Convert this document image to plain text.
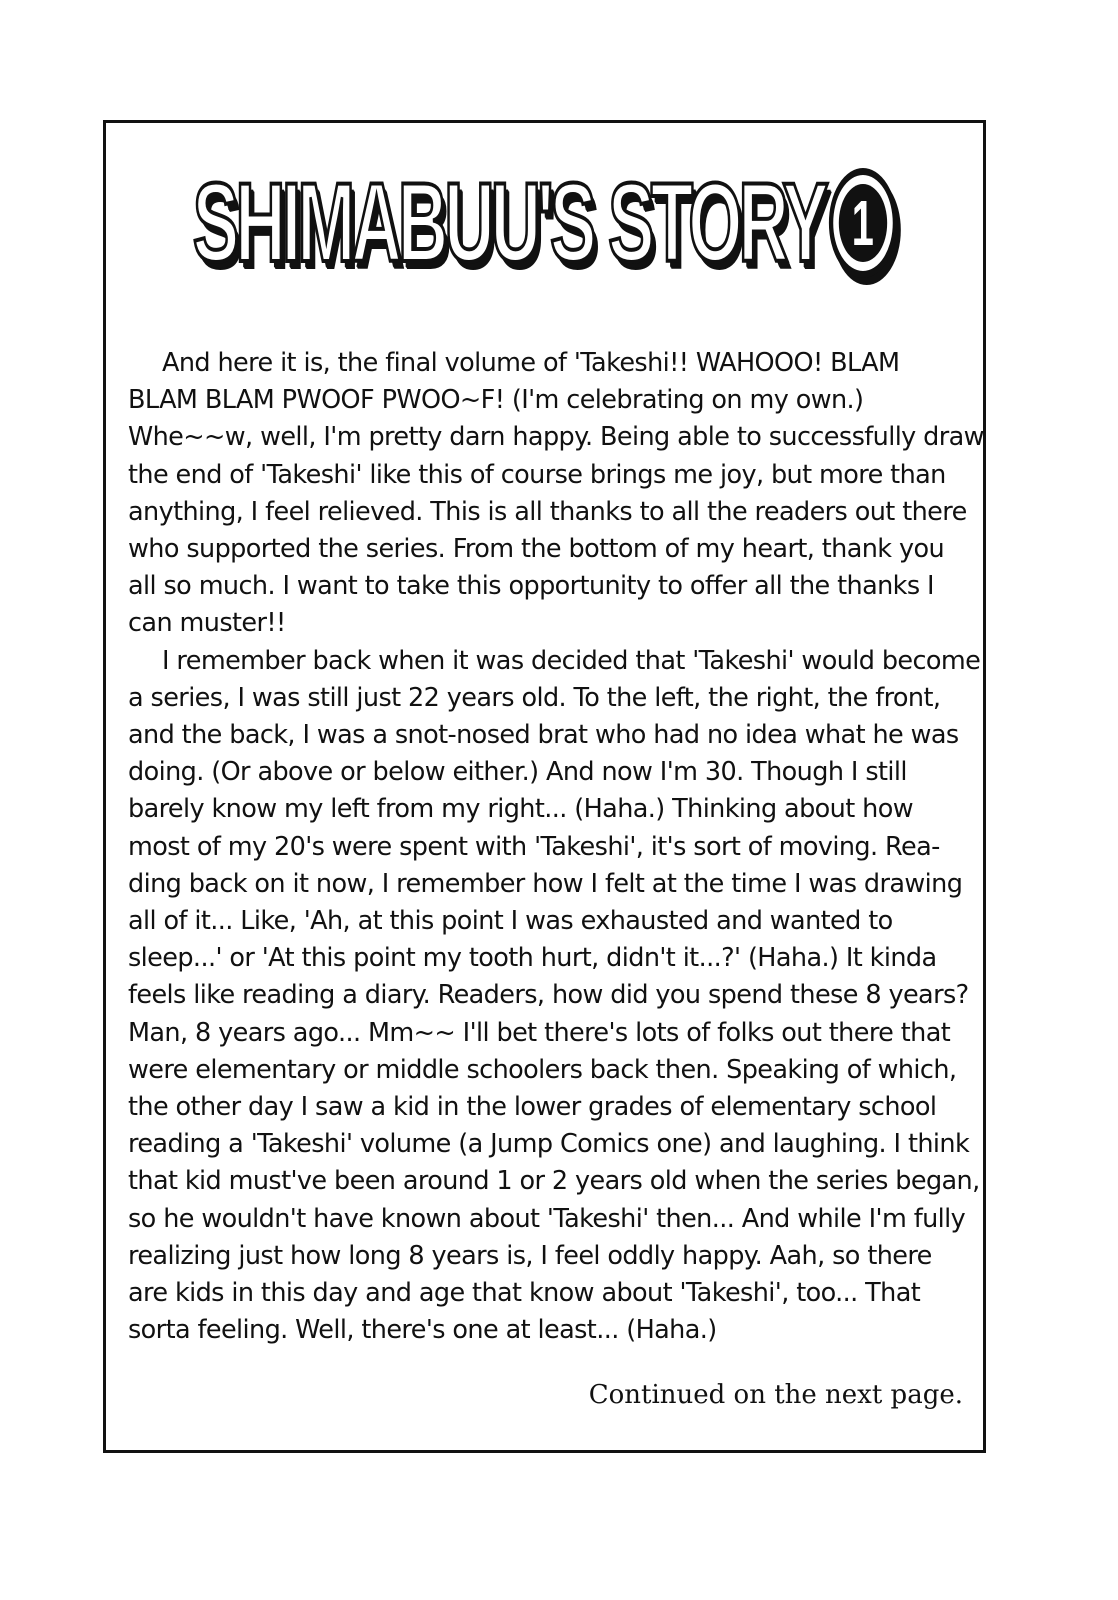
SHIMABUU'S STORY 1
And here it is, the final volume of 'Takeshi!! WAHOOO! BLAM
BLAM BLAM PWOOF PWOO~F! (I'm celebrating on my own.)
Whe~~w, well, I'm pretty darn happy. Being able to successfully draw
the end of 'Takeshi' like this of course brings me joy, but more than
anything, I feel relieved. This is all thanks to all the readers out there
who supported the series. From the bottom of my heart, thank you
all so much. I want to take this opportunity to offer all the thanks I
can muster!!
I remember back when it was decided that 'Takeshi' would become
a series, I was still just 22 years old. To the left, the right, the front,
and the back, I was a snot-nosed brat who had no idea what he was
doing. (Or above or below either.) And now I'm 30. Though I still
barely know my left from my right... (Haha.) Thinking about how
most of my 20's were spent with 'Takeshi', it's sort of moving. Rea-
ding back on it now, I remember how I felt at the time I was drawing
all of it... Like, 'Ah, at this point I was exhausted and wanted to
sleep...' or 'At this point my tooth hurt, didn't it...?' (Haha.) It kinda
feels like reading a diary. Readers, how did you spend these 8 years?
Man, 8 years ago... Mm~~ I'll bet there's lots of folks out there that
were elementary or middle schoolers back then. Speaking of which,
the other day I saw a kid in the lower grades of elementary school
reading a 'Takeshi' volume (a Jump Comics one) and laughing. I think
that kid must've been around 1 or 2 years old when the series began,
so he wouldn't have known about 'Takeshi' then... And while I'm fully
realizing just how long 8 years is, I feel oddly happy. Aah, so there
are kids in this day and age that know about 'Takeshi', too... That
sorta feeling. Well, there's one at least... (Haha.)
Continued on the next page.
